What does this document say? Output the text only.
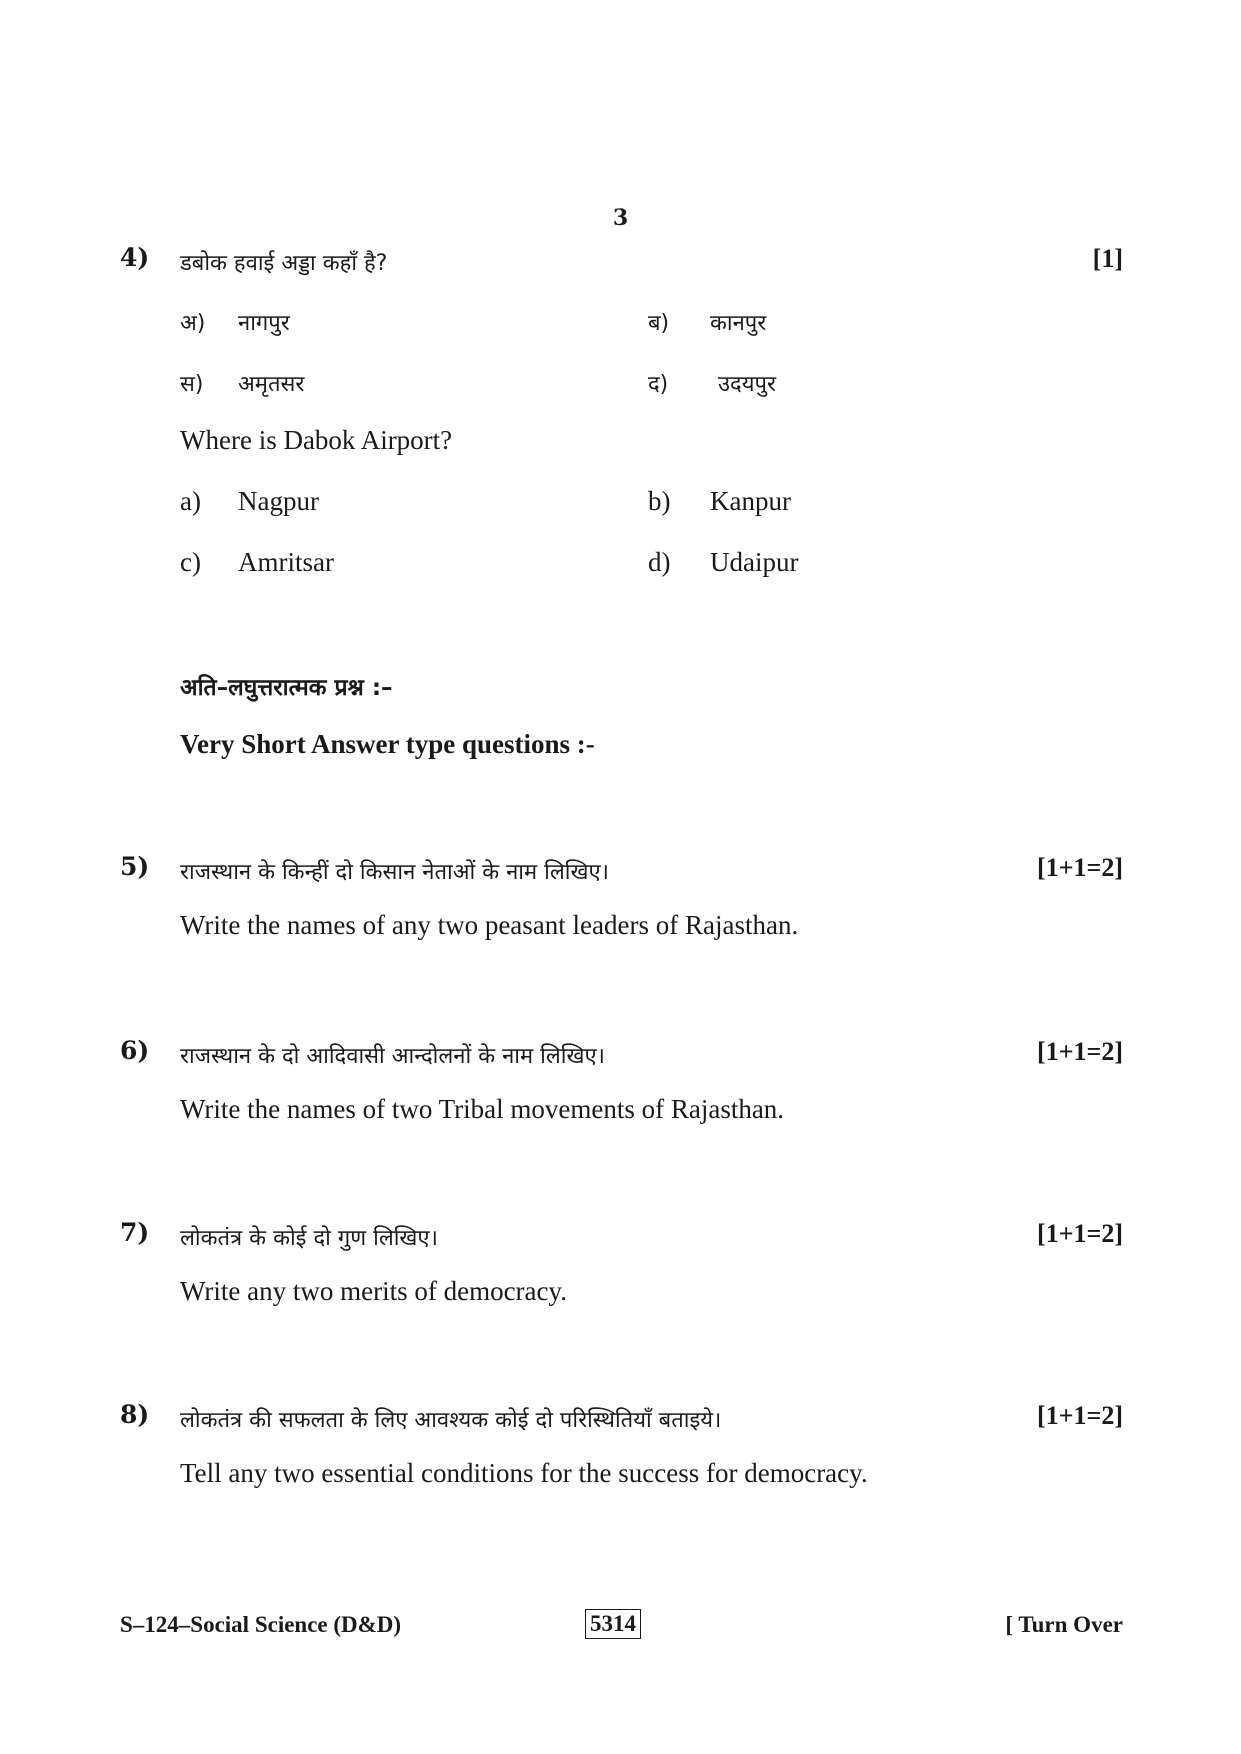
3
4) डबोक हवाई अड्डा कहाँ है?	[1]
अ) नागपुर	ब) कानपुर
स) अमृतसर	द) उदयपुर
Where is Dabok Airport?
a) Nagpur	b) Kanpur
c) Amritsar	d) Udaipur
अति–लघुत्तरात्मक प्रश्न :–
Very Short Answer type questions :-
5) राजस्थान के किन्हीं दो किसान नेताओं के नाम लिखिए।	[1+1=2]
Write the names of any two peasant leaders of Rajasthan.
6) राजस्थान के दो आदिवासी आन्दोलनों के नाम लिखिए।	[1+1=2]
Write the names of two Tribal movements of Rajasthan.
7) लोकतंत्र के कोई दो गुण लिखिए।	[1+1=2]
Write any two merits of democracy.
8) लोकतंत्र की सफलता के लिए आवश्यक कोई दो परिस्थितियाँ बताइये।	[1+1=2]
Tell any two essential conditions for the success for democracy.
S–124–Social Science (D&D)	5314	[ Turn Over
